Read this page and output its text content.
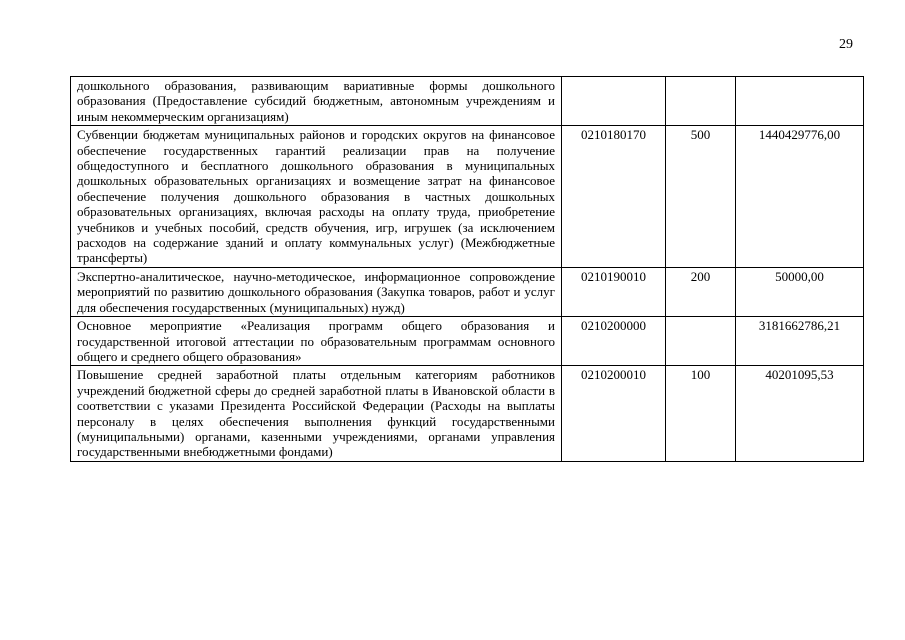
29
дошкольного образования, развивающим вариативные формы дошкольного образования (Предоставление субсидий бюджетным, автономным учреждениям и иным некоммерческим организациям)			
Субвенции бюджетам муниципальных районов и городских округов на финансовое обеспечение государственных гарантий реализации прав на получение общедоступного и бесплатного дошкольного образования в муниципальных дошкольных образовательных организациях и возмещение затрат на финансовое обеспечение получения дошкольного образования в частных дошкольных образовательных организациях, включая расходы на оплату труда, приобретение учебников и учебных пособий, средств обучения, игр, игрушек (за исключением расходов на содержание зданий и оплату коммунальных услуг) (Межбюджетные трансферты)	0210180170	500	1440429776,00
Экспертно-аналитическое, научно-методическое, информационное сопровождение мероприятий по развитию дошкольного образования (Закупка товаров, работ и услуг для обеспечения государственных (муниципальных) нужд)	0210190010	200	50000,00
Основное мероприятие «Реализация программ общего образования и государственной итоговой аттестации по образовательным программам основного общего и среднего общего образования»	0210200000		3181662786,21
Повышение средней заработной платы отдельным категориям работников учреждений бюджетной сферы до средней заработной платы в Ивановской области в соответствии с указами Президента Российской Федерации (Расходы на выплаты персоналу в целях обеспечения выполнения функций государственными (муниципальными) органами, казенными учреждениями, органами управления государственными внебюджетными фондами)	0210200010	100	40201095,53
